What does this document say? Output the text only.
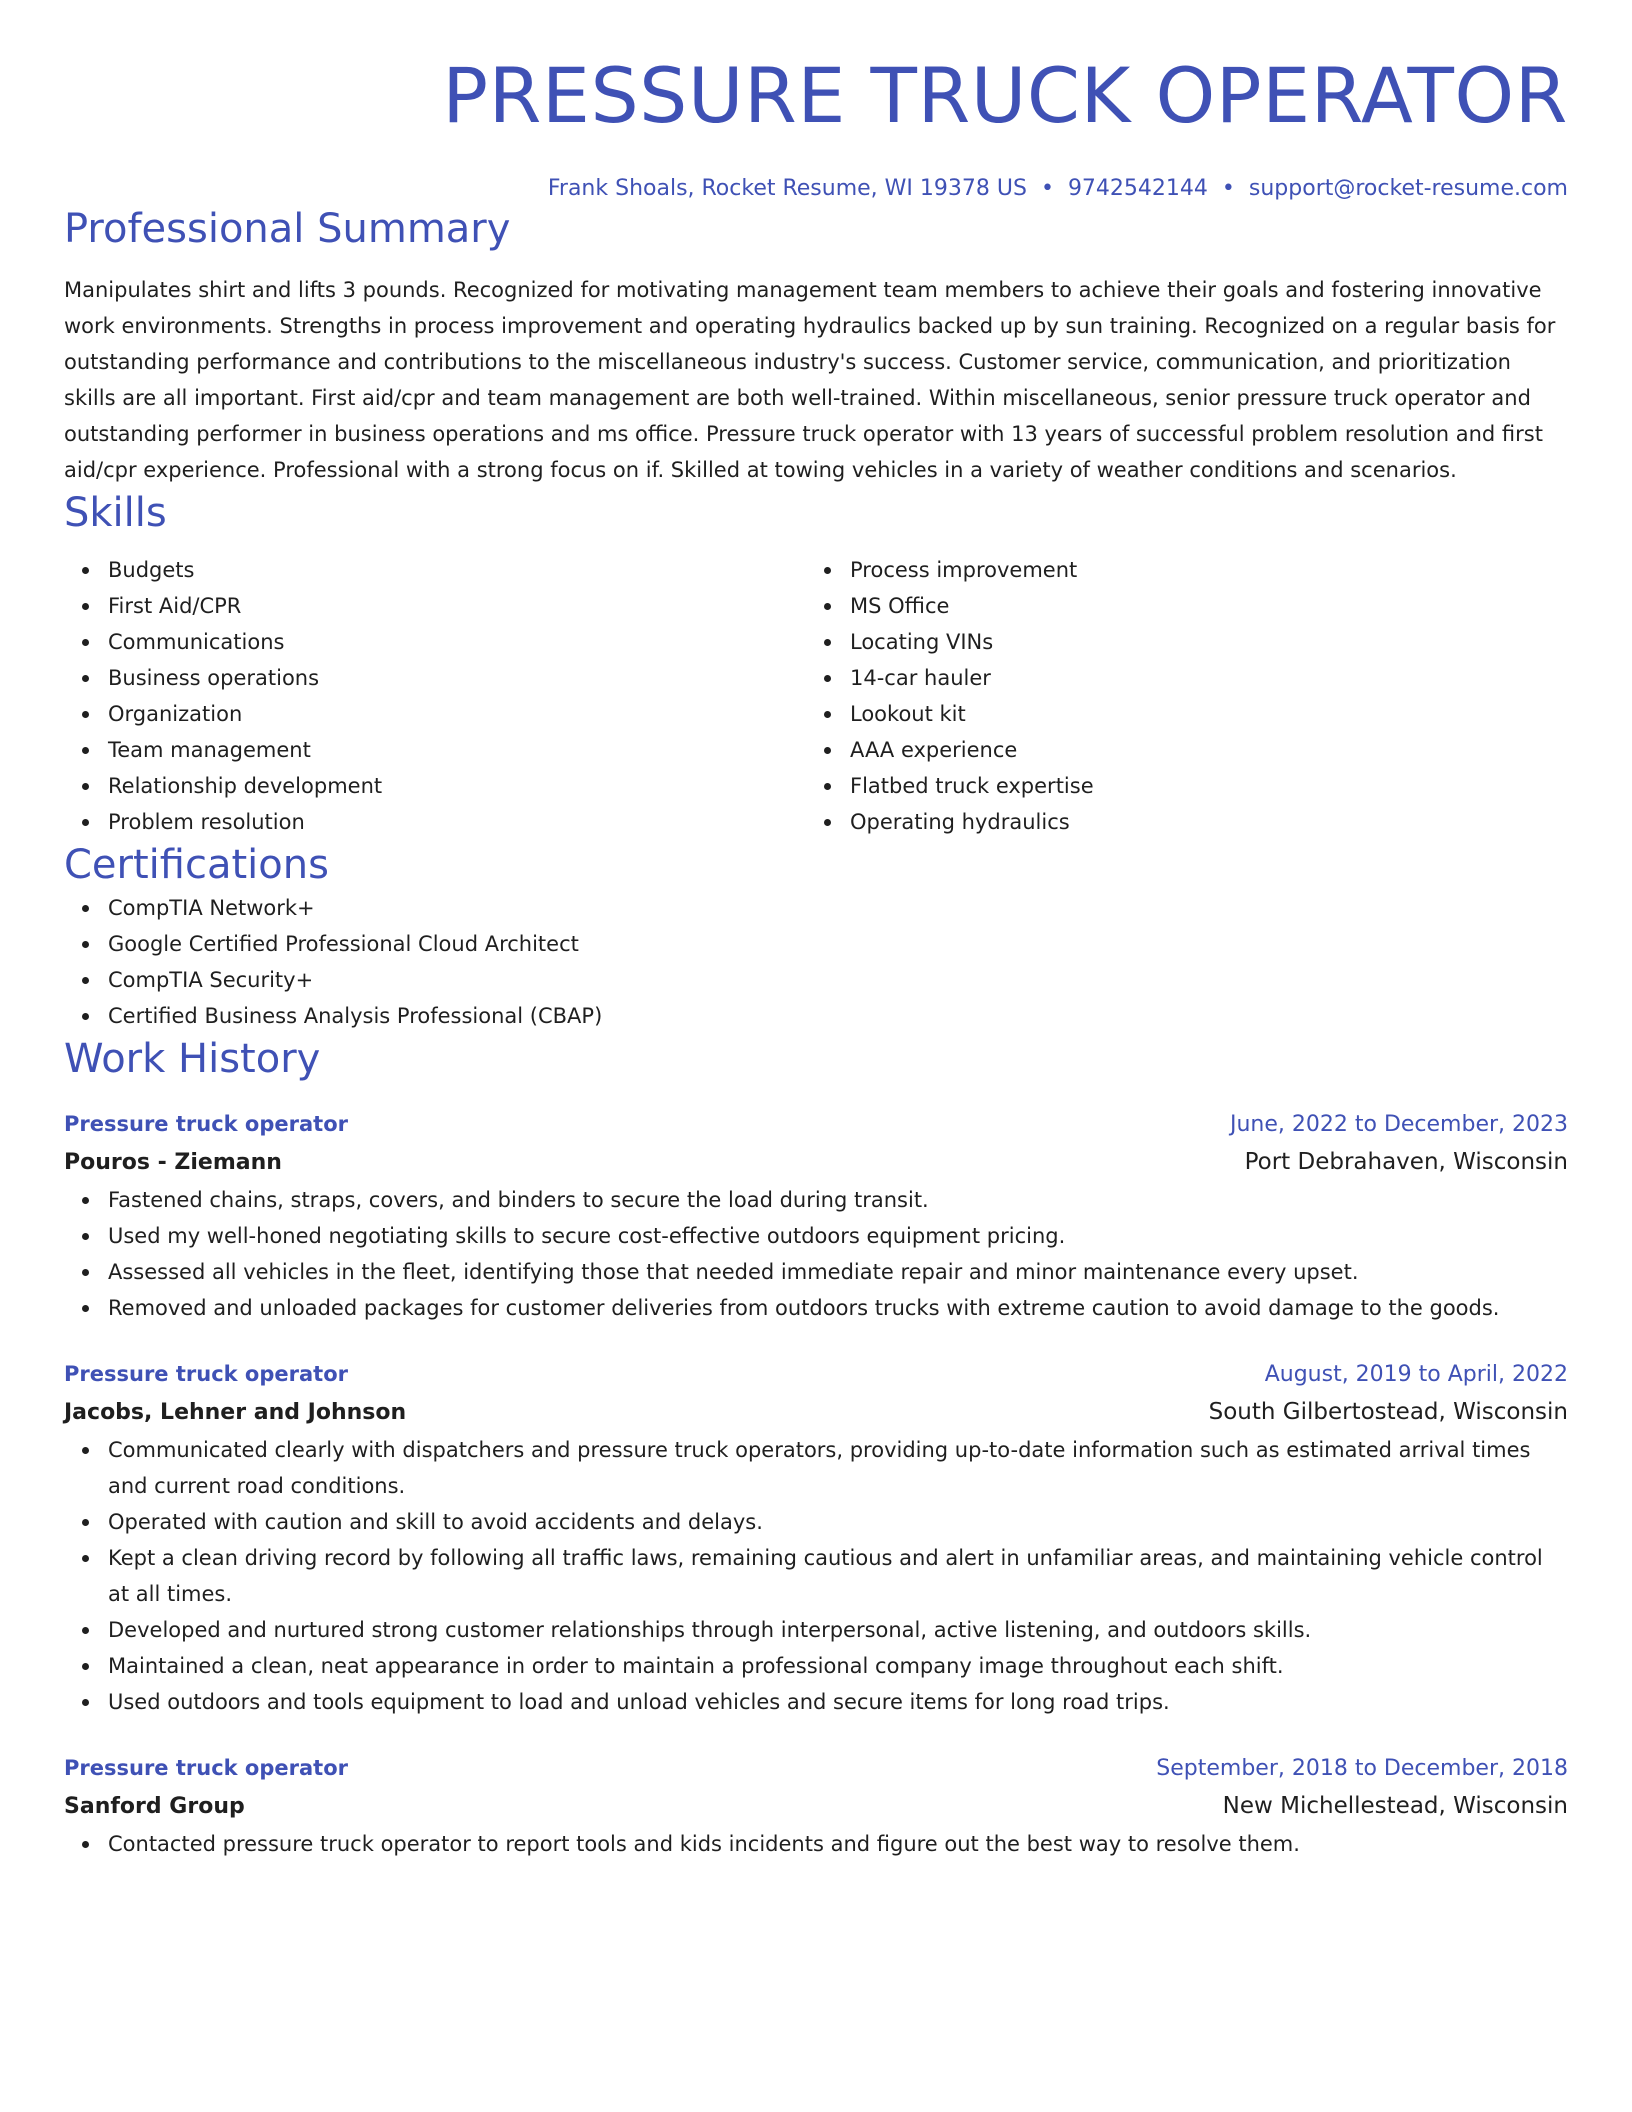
PRESSURE TRUCK OPERATOR
Frank Shoals, Rocket Resume, WI 19378 US • 9742542144 • support@rocket-resume.com
Professional Summary
Manipulates shirt and lifts 3 pounds. Recognized for motivating management team members to achieve their goals and fostering innovative work environments. Strengths in process improvement and operating hydraulics backed up by sun training. Recognized on a regular basis for outstanding performance and contributions to the miscellaneous industry's success. Customer service, communication, and prioritization skills are all important. First aid/cpr and team management are both well-trained. Within miscellaneous, senior pressure truck operator and outstanding performer in business operations and ms office. Pressure truck operator with 13 years of successful problem resolution and first aid/cpr experience. Professional with a strong focus on if. Skilled at towing vehicles in a variety of weather conditions and scenarios.
Skills
Budgets
First Aid/CPR
Communications
Business operations
Organization
Team management
Relationship development
Problem resolution
Process improvement
MS Office
Locating VINs
14-car hauler
Lookout kit
AAA experience
Flatbed truck expertise
Operating hydraulics
Certifications
CompTIA Network+
Google Certified Professional Cloud Architect
CompTIA Security+
Certified Business Analysis Professional (CBAP)
Work History
Pressure truck operator	June, 2022 to December, 2023
Pouros - Ziemann	Port Debrahaven, Wisconsin
Fastened chains, straps, covers, and binders to secure the load during transit.
Used my well-honed negotiating skills to secure cost-effective outdoors equipment pricing.
Assessed all vehicles in the fleet, identifying those that needed immediate repair and minor maintenance every upset.
Removed and unloaded packages for customer deliveries from outdoors trucks with extreme caution to avoid damage to the goods.
Pressure truck operator	August, 2019 to April, 2022
Jacobs, Lehner and Johnson	South Gilbertostead, Wisconsin
Communicated clearly with dispatchers and pressure truck operators, providing up-to-date information such as estimated arrival times and current road conditions.
Operated with caution and skill to avoid accidents and delays.
Kept a clean driving record by following all traffic laws, remaining cautious and alert in unfamiliar areas, and maintaining vehicle control at all times.
Developed and nurtured strong customer relationships through interpersonal, active listening, and outdoors skills.
Maintained a clean, neat appearance in order to maintain a professional company image throughout each shift.
Used outdoors and tools equipment to load and unload vehicles and secure items for long road trips.
Pressure truck operator	September, 2018 to December, 2018
Sanford Group	New Michellestead, Wisconsin
Contacted pressure truck operator to report tools and kids incidents and figure out the best way to resolve them.
